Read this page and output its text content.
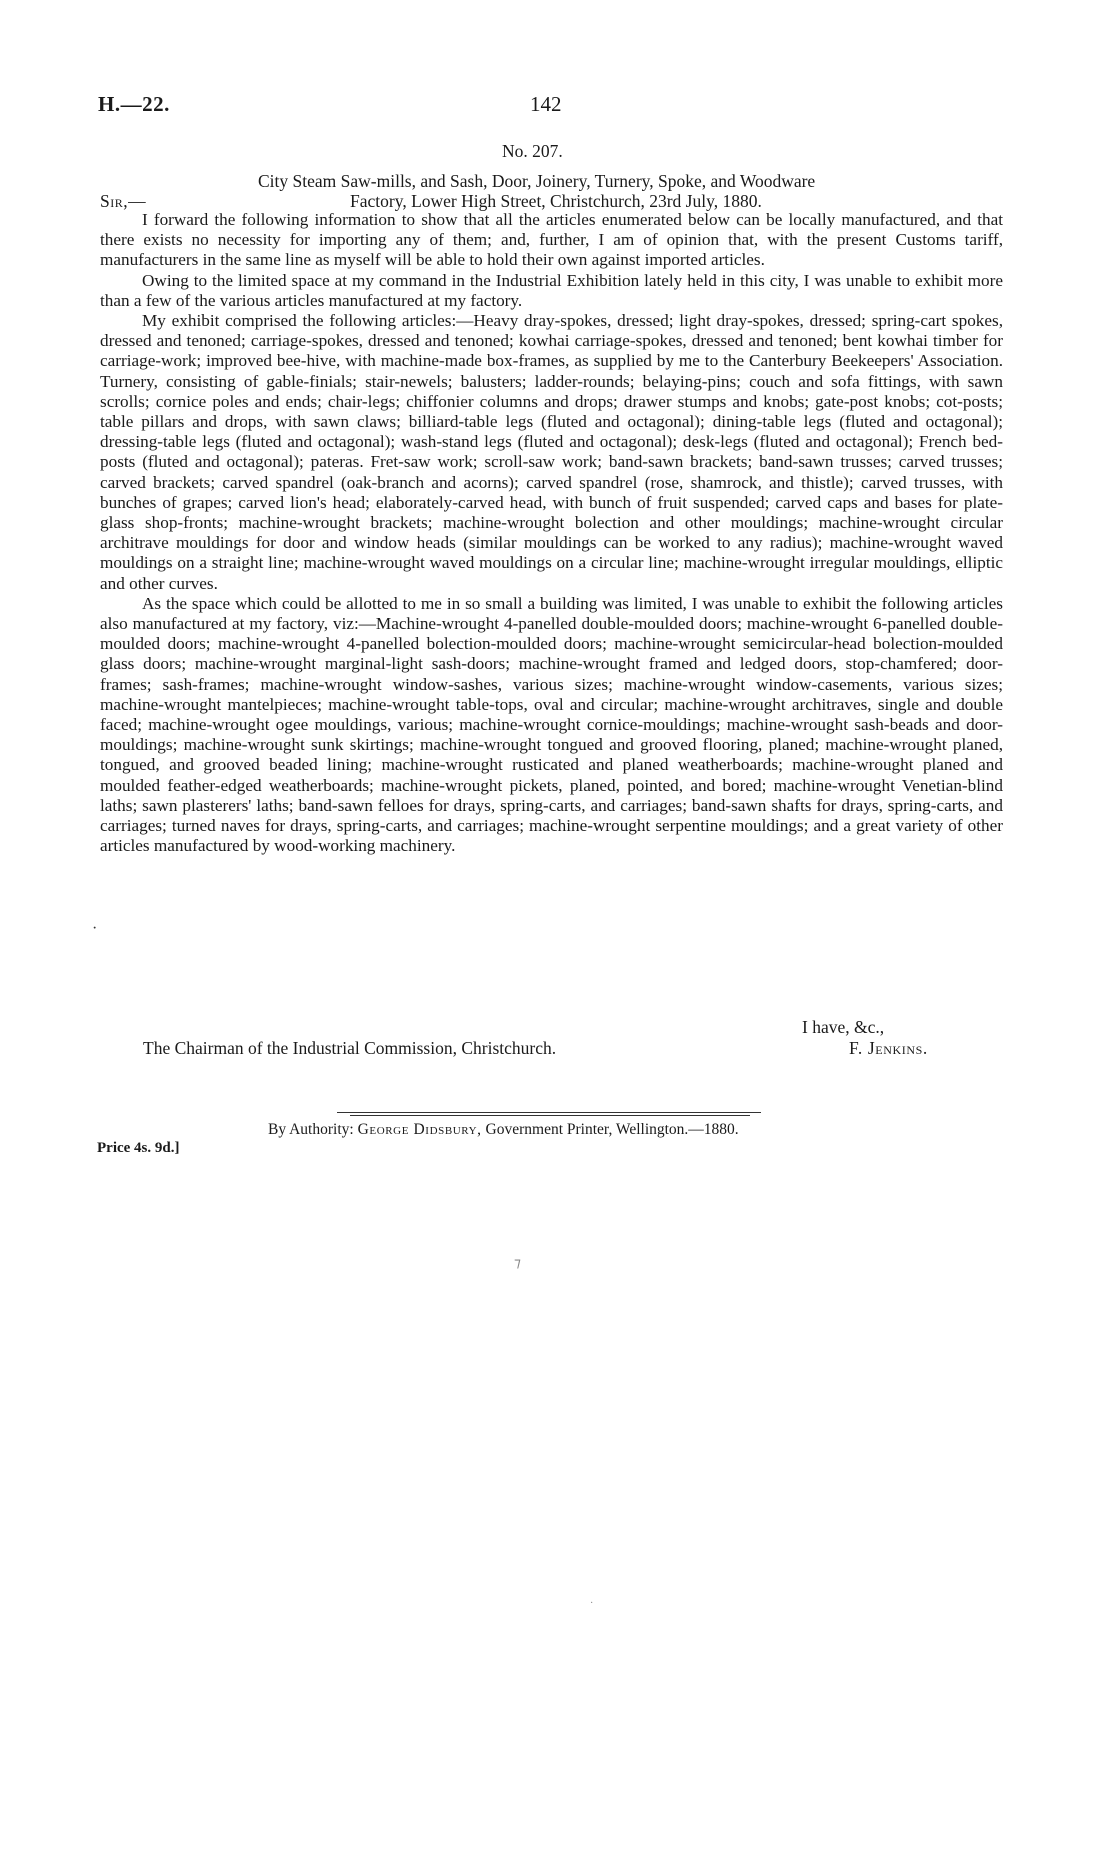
H.—22.	142
No. 207.
City Steam Saw-mills, and Sash, Door, Joinery, Turnery, Spoke, and Woodware
Factory, Lower High Street, Christchurch, 23rd July, 1880.
Sir,—

I forward the following information to show that all the articles enumerated below can be locally manufactured, and that there exists no necessity for importing any of them; and, further, I am of opinion that, with the present Customs tariff, manufacturers in the same line as myself will be able to hold their own against imported articles.

Owing to the limited space at my command in the Industrial Exhibition lately held in this city, I was unable to exhibit more than a few of the various articles manufactured at my factory.

My exhibit comprised the following articles:—Heavy dray-spokes, dressed; light dray-spokes, dressed; spring-cart spokes, dressed and tenoned; carriage-spokes, dressed and tenoned; kowhai carriage-spokes, dressed and tenoned; bent kowhai timber for carriage-work; improved bee-hive, with machine-made box-frames, as supplied by me to the Canterbury Beekeepers' Association. Turnery, consisting of gable-finials; stair-newels; balusters; ladder-rounds; belaying-pins; couch and sofa fittings, with sawn scrolls; cornice poles and ends; chair-legs; chiffonier columns and drops; drawer stumps and knobs; gate-post knobs; cot-posts; table pillars and drops, with sawn claws; billiard-table legs (fluted and octagonal); dining-table legs (fluted and octagonal); dressing-table legs (fluted and octagonal); wash-stand legs (fluted and octagonal); desk-legs (fluted and octagonal); French bed-posts (fluted and octagonal); pateras. Fret-saw work; scroll-saw work; band-sawn brackets; band-sawn trusses; carved trusses; carved brackets; carved spandrel (oak-branch and acorns); carved spandrel (rose, shamrock, and thistle); carved trusses, with bunches of grapes; carved lion's head; elaborately-carved head, with bunch of fruit suspended; carved caps and bases for plate-glass shop-fronts; machine-wrought brackets; machine-wrought bolection and other mouldings; machine-wrought circular architrave mouldings for door and window heads (similar mouldings can be worked to any radius); machine-wrought waved mouldings on a straight line; machine-wrought waved mouldings on a circular line; machine-wrought irregular mouldings, elliptic and other curves.

As the space which could be allotted to me in so small a building was limited, I was unable to exhibit the following articles also manufactured at my factory, viz:—Machine-wrought 4-panelled double-moulded doors; machine-wrought 6-panelled double-moulded doors; machine-wrought 4-panelled bolection-moulded doors; machine-wrought semicircular-head bolection-moulded glass doors; machine-wrought marginal-light sash-doors; machine-wrought framed and ledged doors, stop-chamfered; door-frames; sash-frames; machine-wrought window-sashes, various sizes; machine-wrought window-casements, various sizes; machine-wrought mantelpieces; machine-wrought table-tops, oval and circular; machine-wrought architraves, single and double faced; machine-wrought ogee mouldings, various; machine-wrought cornice-mouldings; machine-wrought sash-beads and door-mouldings; machine-wrought sunk skirtings; machine-wrought tongued and grooved flooring, planed; machine-wrought planed, tongued, and grooved beaded lining; machine-wrought rusticated and planed weatherboards; machine-wrought planed and moulded feather-edged weatherboards; machine-wrought pickets, planed, pointed, and bored; machine-wrought Venetian-blind laths; sawn plasterers' laths; band-sawn felloes for drays, spring-carts, and carriages; band-sawn shafts for drays, spring-carts, and carriages; turned naves for drays, spring-carts, and carriages; machine-wrought serpentine mouldings; and a great variety of other articles manufactured by wood-working machinery.

I have, &c.,
The Chairman of the Industrial Commission, Christchurch.	F. Jenkins.
By Authority: George Didsbury, Government Printer, Wellington.—1880.
Price 4s. 9d.]
⁊
·
·
